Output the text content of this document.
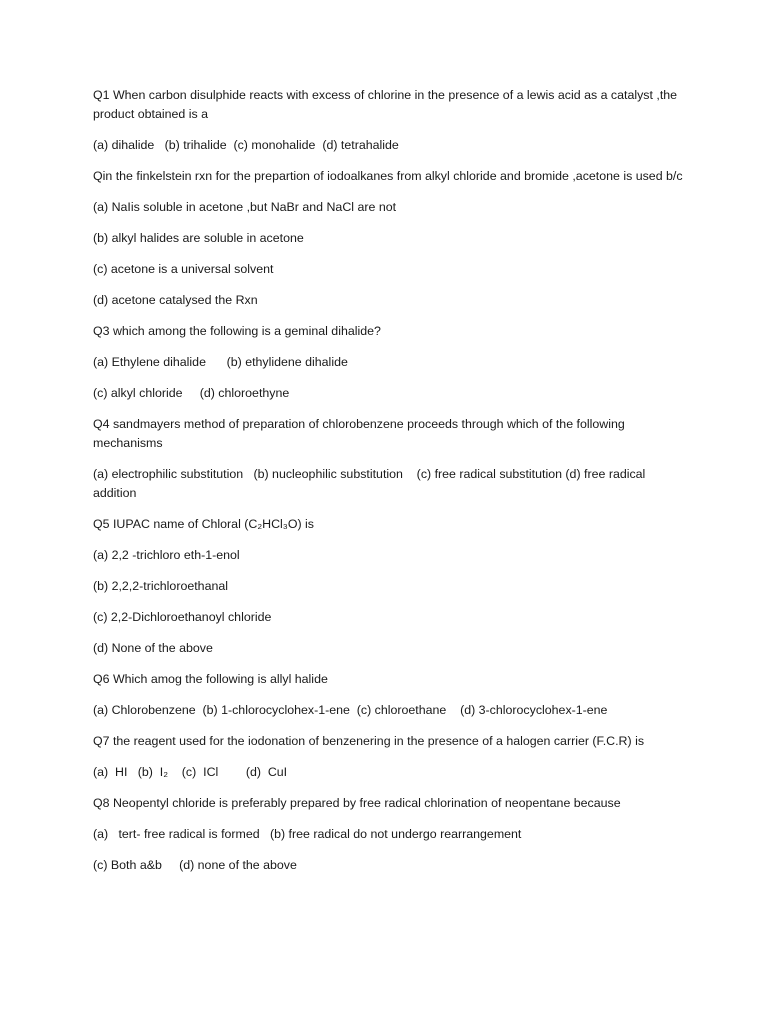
Q1 When carbon disulphide reacts with excess of chlorine in the presence of a lewis acid as a catalyst ,the product obtained is a

(a) dihalide   (b) trihalide  (c) monohalide  (d) tetrahalide

Qin the finkelstein rxn for the prepartion of iodoalkanes from alkyl chloride and bromide ,acetone is used b/c

(a) NaIis soluble in acetone ,but NaBr and NaCl are not

(b) alkyl halides are soluble in acetone

(c) acetone is a universal solvent

(d) acetone catalysed the Rxn

Q3 which among the following is a geminal dihalide?

(a) Ethylene dihalide      (b) ethylidene dihalide

(c) alkyl chloride     (d) chloroethyne

Q4 sandmayers method of preparation of chlorobenzene proceeds through which of the following mechanisms

(a) electrophilic substitution   (b) nucleophilic substitution    (c) free radical substitution (d) free radical addition

Q5 IUPAC name of Chloral (C₂HCl₃O) is

(a) 2,2 -trichloro eth-1-enol

(b) 2,2,2-trichloroethanal

(c) 2,2-Dichloroethanoyl chloride

(d) None of the above

Q6 Which amog the following is allyl halide

(a) Chlorobenzene  (b) 1-chlorocyclohex-1-ene  (c) chloroethane    (d) 3-chlorocyclohex-1-ene

Q7 the reagent used for the iodonation of benzenering in the presence of a halogen carrier (F.C.R) is

(a)  HI   (b)  I₂    (c)  ICl        (d)  CuI

Q8 Neopentyl chloride is preferably prepared by free radical chlorination of neopentane because

(a)   tert- free radical is formed   (b) free radical do not undergo rearrangement

(c) Both a&b     (d) none of the above
